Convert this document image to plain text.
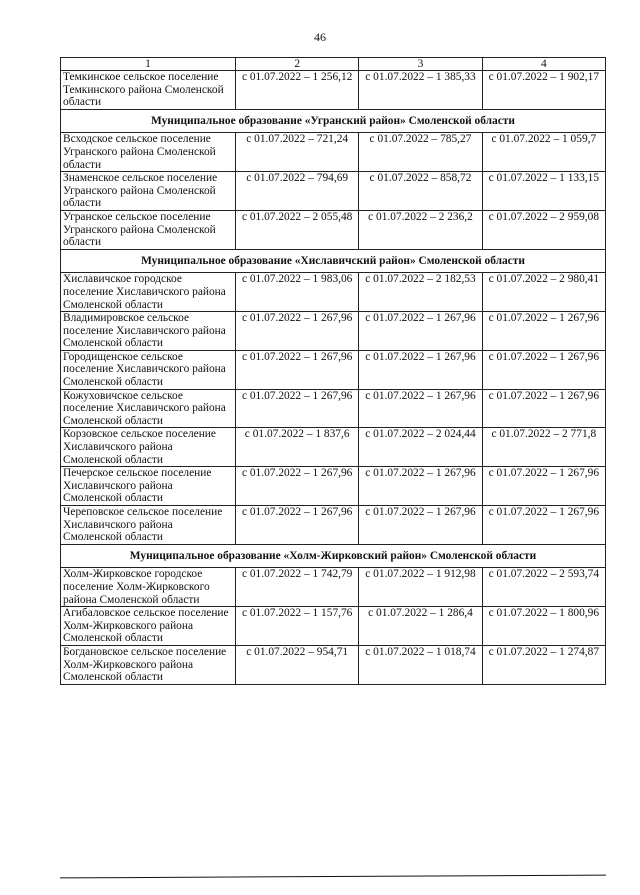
46
1	2	3	4
Темкинское сельское поселение Темкинского района Смоленской области	с 01.07.2022 – 1 256,12	с 01.07.2022 – 1 385,33	с 01.07.2022 – 1 902,17
Муниципальное образование «Угранский район» Смоленской области			
Всходское сельское поселение Угранского района Смоленской области	с 01.07.2022 – 721,24	с 01.07.2022 – 785,27	с 01.07.2022 – 1 059,7
Знаменское сельское поселение Угранского района Смоленской области	с 01.07.2022 – 794,69	с 01.07.2022 – 858,72	с 01.07.2022 – 1 133,15
Угранское сельское поселение Угранского района Смоленской области	с 01.07.2022 – 2 055,48	с 01.07.2022 – 2 236,2	с 01.07.2022 – 2 959,08
Муниципальное образование «Хиславичский район» Смоленской области			
Хиславичское городское поселение Хиславичского района Смоленской области	с 01.07.2022 – 1 983,06	с 01.07.2022 – 2 182,53	с 01.07.2022 – 2 980,41
Владимировское сельское поселение Хиславичского района Смоленской области	с 01.07.2022 – 1 267,96	с 01.07.2022 – 1 267,96	с 01.07.2022 – 1 267,96
Городищенское сельское поселение Хиславичского района Смоленской области	с 01.07.2022 – 1 267,96	с 01.07.2022 – 1 267,96	с 01.07.2022 – 1 267,96
Кожуховичское сельское поселение Хиславичского района Смоленской области	с 01.07.2022 – 1 267,96	с 01.07.2022 – 1 267,96	с 01.07.2022 – 1 267,96
Корзовское сельское поселение Хиславичского района Смоленской области	с 01.07.2022 – 1 837,6	с 01.07.2022 – 2 024,44	с 01.07.2022 – 2 771,8
Печерское сельское поселение Хиславичского района Смоленской области	с 01.07.2022 – 1 267,96	с 01.07.2022 – 1 267,96	с 01.07.2022 – 1 267,96
Череповское сельское поселение Хиславичского района Смоленской области	с 01.07.2022 – 1 267,96	с 01.07.2022 – 1 267,96	с 01.07.2022 – 1 267,96
Муниципальное образование «Холм-Жирковский район» Смоленской области			
Холм-Жирковское городское поселение Холм-Жирковского района Смоленской области	с 01.07.2022 – 1 742,79	с 01.07.2022 – 1 912,98	с 01.07.2022 – 2 593,74
Агибаловское сельское поселение Холм-Жирковского района Смоленской области	с 01.07.2022 – 1 157,76	с 01.07.2022 – 1 286,4	с 01.07.2022 – 1 800,96
Богдановское сельское поселение Холм-Жирковского района Смоленской области	с 01.07.2022 – 954,71	с 01.07.2022 – 1 018,74	с 01.07.2022 – 1 274,87
